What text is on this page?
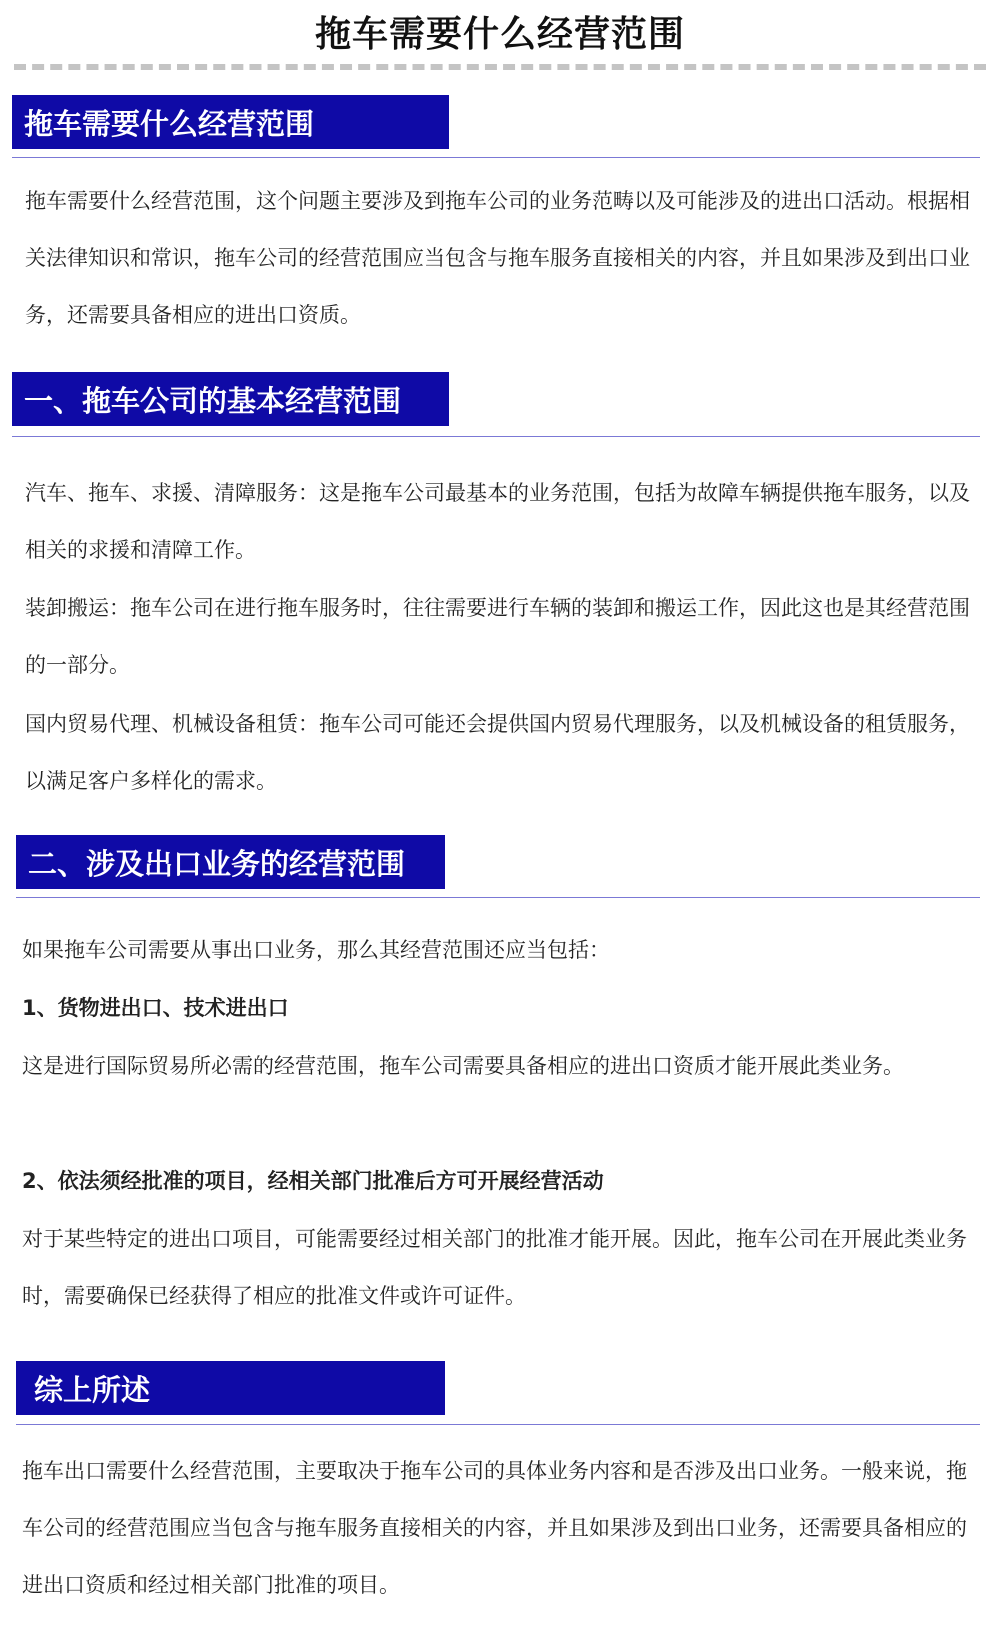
拖车需要什么经营范围
拖车需要什么经营范围

拖车需要什么经营范围，这个问题主要涉及到拖车公司的业务范畴以及可能涉及的进出口活动。根据相关法律知识和常识，拖车公司的经营范围应当包含与拖车服务直接相关的内容，并且如果涉及到出口业务，还需要具备相应的进出口资质。

一、拖车公司的基本经营范围

汽车、拖车、求援、清障服务：这是拖车公司最基本的业务范围，包括为故障车辆提供拖车服务，以及相关的求援和清障工作。

装卸搬运：拖车公司在进行拖车服务时，往往需要进行车辆的装卸和搬运工作，因此这也是其经营范围的一部分。

国内贸易代理、机械设备租赁：拖车公司可能还会提供国内贸易代理服务，以及机械设备的租赁服务，以满足客户多样化的需求。

二、涉及出口业务的经营范围

如果拖车公司需要从事出口业务，那么其经营范围还应当包括：

1、货物进出口、技术进出口

这是进行国际贸易所必需的经营范围，拖车公司需要具备相应的进出口资质才能开展此类业务。

2、依法须经批准的项目，经相关部门批准后方可开展经营活动

对于某些特定的进出口项目，可能需要经过相关部门的批准才能开展。因此，拖车公司在开展此类业务时，需要确保已经获得了相应的批准文件或许可证件。

综上所述

拖车出口需要什么经营范围，主要取决于拖车公司的具体业务内容和是否涉及出口业务。一般来说，拖车公司的经营范围应当包含与拖车服务直接相关的内容，并且如果涉及到出口业务，还需要具备相应的进出口资质和经过相关部门批准的项目。
